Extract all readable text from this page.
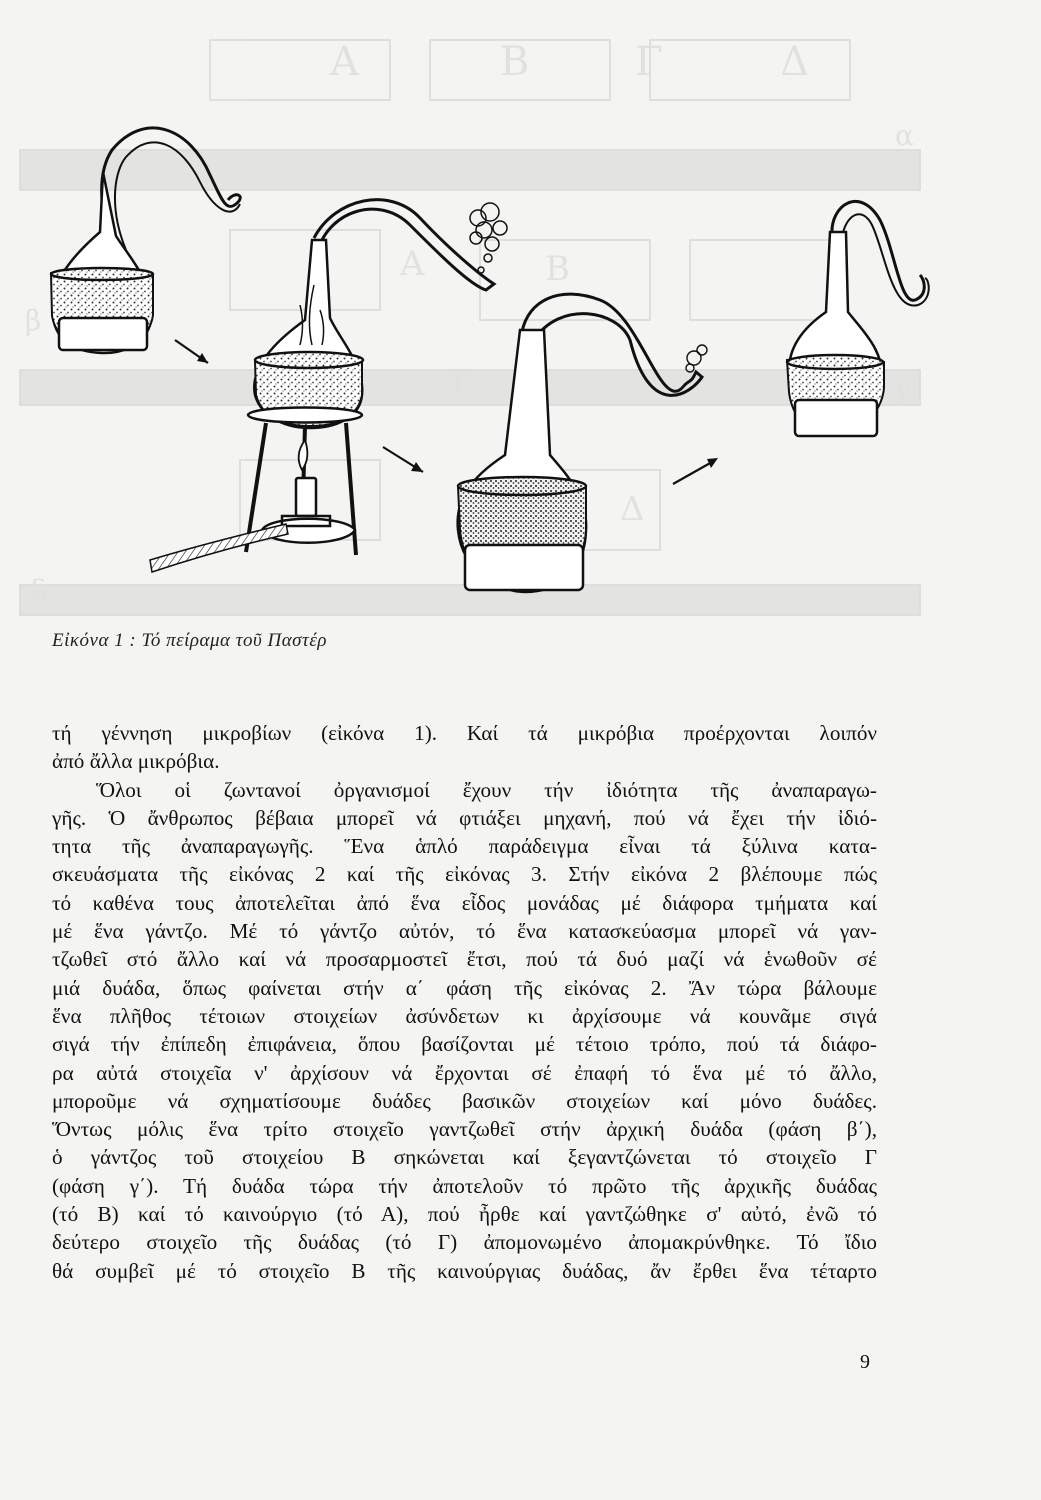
Α	Β	Γ	Δ
Α	Β
Γ
Δ
α
β
γ
δ
Εἰκόνα 1 : Τό πείραμα τοῦ Παστέρ

τή γέννηση μικροβίων (εἰκόνα 1). Καί τά μικρόβια προέρχονται λοιπόν

ἀπό ἄλλα μικρόβια.

Ὅλοι οἱ ζωντανοί ὀργανισμοί ἔχουν τήν ἰδιότητα τῆς ἀναπαραγω-

γῆς. Ὁ ἄνθρωπος βέβαια μπορεῖ νά φτιάξει μηχανή, πού νά ἔχει τήν ἰδιό-

τητα τῆς ἀναπαραγωγῆς. Ἕνα ἁπλό παράδειγμα εἶναι τά ξύλινα κατα-

σκευάσματα τῆς εἰκόνας 2 καί τῆς εἰκόνας 3. Στήν εἰκόνα 2 βλέπουμε πώς

τό καθένα τους ἀποτελεῖται ἀπό ἕνα εἶδος μονάδας μέ διάφορα τμήματα καί

μέ ἕνα γάντζο. Μέ τό γάντζο αὐτόν, τό ἕνα κατασκεύασμα μπορεῖ νά γαν-

τζωθεῖ στό ἄλλο καί νά προσαρμοστεῖ ἔτσι, πού τά δυό μαζί νά ἑνωθοῦν σέ

μιά δυάδα, ὅπως φαίνεται στήν α΄ φάση τῆς εἰκόνας 2. Ἄν τώρα βάλουμε

ἕνα πλῆθος τέτοιων στοιχείων ἀσύνδετων κι ἀρχίσουμε νά κουνᾶμε σιγά

σιγά τήν ἐπίπεδη ἐπιφάνεια, ὅπου βασίζονται μέ τέτοιο τρόπο, πού τά διάφο-

ρα αὐτά στοιχεῖα ν' ἀρχίσουν νά ἔρχονται σέ ἐπαφή τό ἕνα μέ τό ἄλλο,

μποροῦμε νά σχηματίσουμε δυάδες βασικῶν στοιχείων καί μόνο δυάδες.

Ὅντως μόλις ἕνα τρίτο στοιχεῖο γαντζωθεῖ στήν ἀρχική δυάδα (φάση β΄),

ὁ γάντζος τοῦ στοιχείου Β σηκώνεται καί ξεγαντζώνεται τό στοιχεῖο Γ

(φάση γ΄). Τή δυάδα τώρα τήν ἀποτελοῦν τό πρῶτο τῆς ἀρχικῆς δυάδας

(τό Β) καί τό καινούργιο (τό Α), πού ἦρθε καί γαντζώθηκε σ' αὐτό, ἐνῶ τό

δεύτερο στοιχεῖο τῆς δυάδας (τό Γ) ἀπομονωμένο ἀπομακρύνθηκε. Τό ἴδιο

θά συμβεῖ μέ τό στοιχεῖο Β τῆς καινούργιας δυάδας, ἄν ἔρθει ἕνα τέταρτο

9
